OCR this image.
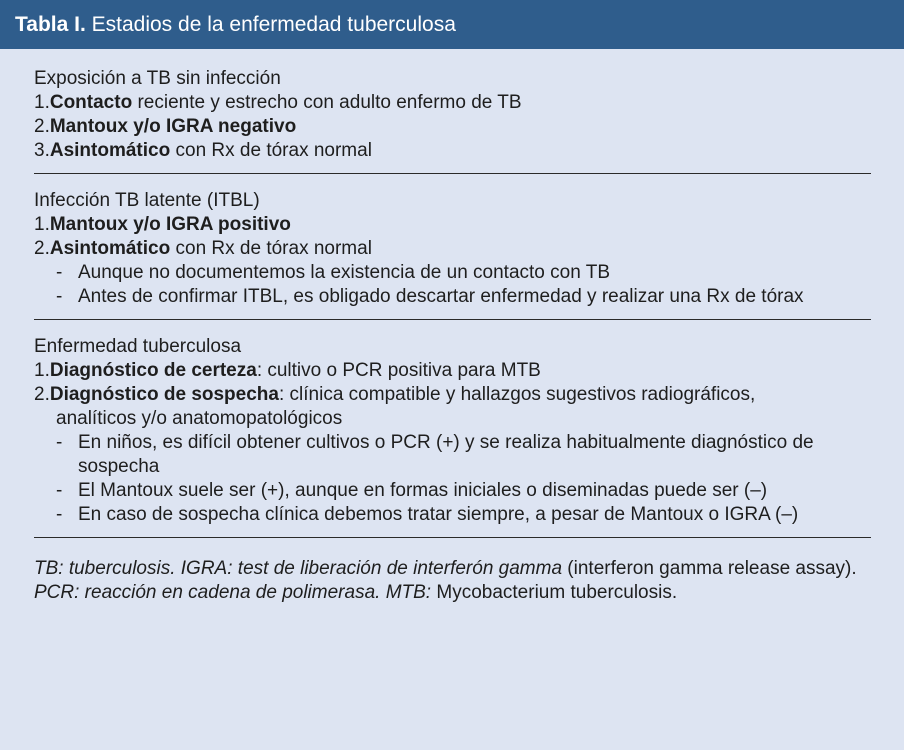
Tabla I. Estadios de la enfermedad tuberculosa

Exposición a TB sin infección

1.Contacto reciente y estrecho con adulto enfermo de TB

2.Mantoux y/o IGRA negativo

3.Asintomático con Rx de tórax normal

Infección TB latente (ITBL)

1.Mantoux y/o IGRA positivo

2.Asintomático con Rx de tórax normal

- Aunque no documentemos la existencia de un contacto con TB

- Antes de confirmar ITBL, es obligado descartar enfermedad y realizar una Rx de tórax

Enfermedad tuberculosa

1.Diagnóstico de certeza: cultivo o PCR positiva para MTB

2.Diagnóstico de sospecha: clínica compatible y hallazgos sugestivos radiográficos,

analíticos y/o anatomopatológicos

- En niños, es difícil obtener cultivos o PCR (+) y se realiza habitualmente diagnóstico de sospecha

- El Mantoux suele ser (+), aunque en formas iniciales o diseminadas puede ser (–)

- En caso de sospecha clínica debemos tratar siempre, a pesar de Mantoux o IGRA (–)

TB: tuberculosis. IGRA: test de liberación de interferón gamma (interferon gamma release assay). PCR: reacción en cadena de polimerasa. MTB: Mycobacterium tuberculosis.
